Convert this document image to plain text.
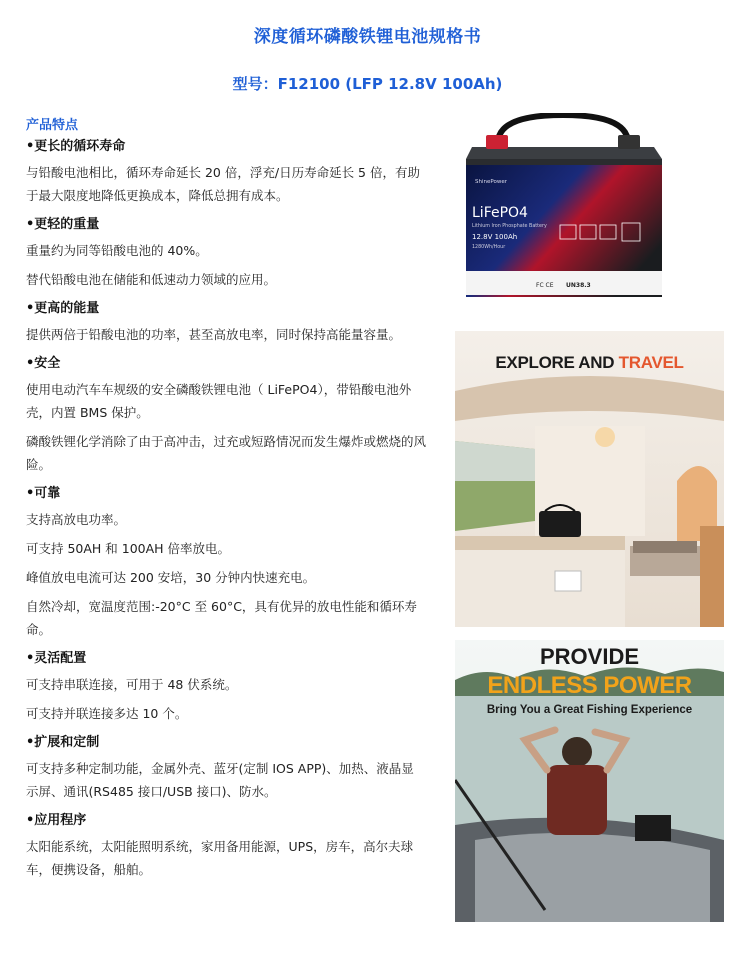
深度循环磷酸铁锂电池规格书
型号：F12100 (LFP 12.8V 100Ah)
产品特点
•更长的循环寿命
与铅酸电池相比，循环寿命延长 20 倍，浮充/日历寿命延长 5 倍，有助于最大限度地降低更换成本，降低总拥有成本。
•更轻的重量
重量约为同等铅酸电池的 40%。
替代铅酸电池在储能和低速动力领域的应用。
•更高的能量
提供两倍于铅酸电池的功率，甚至高放电率，同时保持高能量容量。
•安全
使用电动汽车车规级的安全磷酸铁锂电池（ LiFePO4），带铅酸电池外壳，内置 BMS 保护。
磷酸铁锂化学消除了由于高冲击，过充或短路情况而发生爆炸或燃烧的风险。
•可靠
支持高放电功率。
可支持 50AH 和 100AH 倍率放电。
峰值放电电流可达 200 安培，30 分钟内快速充电。
自然冷却，宽温度范围:-20°C 至 60°C，具有优异的放电性能和循环寿命。
•灵活配置
可支持串联连接，可用于 48 伏系统。
可支持并联连接多达 10 个。
•扩展和定制
可支持多种定制功能，金属外壳、蓝牙(定制 IOS APP)、加热、液晶显示屏、通讯(RS485 接口/USB 接口)、防水。
•应用程序
太阳能系统，太阳能照明系统，家用备用能源，UPS，房车，高尔夫球车，便携设备，船舶。
ShinePower
LiFePO4
Lithium Iron Phosphate Battery
12.8V 100Ah
1280Wh/Hour
UN38.3
FC CE
EXPLORE AND TRAVEL
PROVIDE
ENDLESS POWER
Bring You a Great Fishing Experience
